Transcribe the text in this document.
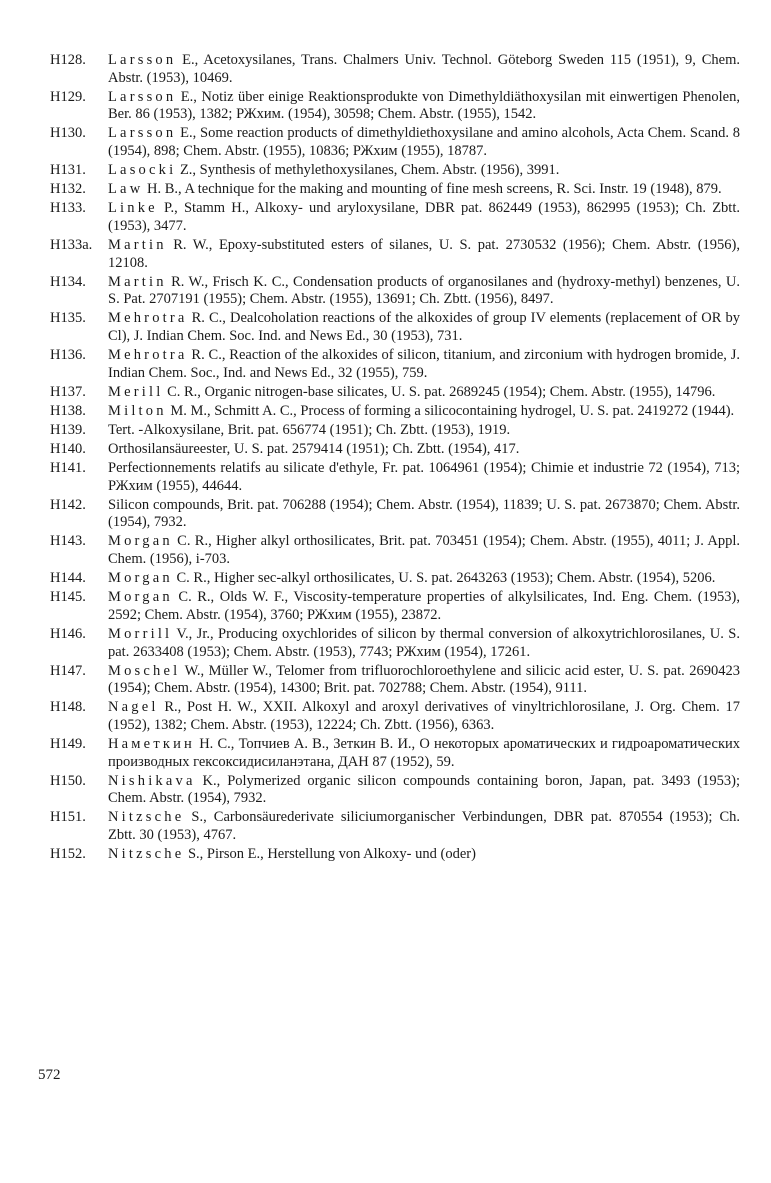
H128. Larsson E., Acetoxysilanes, Trans. Chalmers Univ. Technol. Göteborg Sweden 115 (1951), 9, Chem. Abstr. (1953), 10469.
H129. Larsson E., Notiz über einige Reaktionsprodukte von Dimethyldiäthoxysilan mit einwertigen Phenolen, Ber. 86 (1953), 1382; РЖхим. (1954), 30598; Chem. Abstr. (1955), 1542.
H130. Larsson E., Some reaction products of dimethyldiethoxysilane and amino alcohols, Acta Chem. Scand. 8 (1954), 898; Chem. Abstr. (1955), 10836; РЖхим (1955), 18787.
H131. Lasocki Z., Synthesis of methylethoxysilanes, Chem. Abstr. (1956), 3991.
H132. Law H. B., A technique for the making and mounting of fine mesh screens, R. Sci. Instr. 19 (1948), 879.
H133. Linke P., Stamm H., Alkoxy- und aryloxysilane, DBR pat. 862449 (1953), 862995 (1953); Ch. Zbtt. (1953), 3477.
H133a. Martin R. W., Epoxy-substituted esters of silanes, U. S. pat. 2730532 (1956); Chem. Abstr. (1956), 12108.
H134. Martin R. W., Frisch K. C., Condensation products of organosilanes and (hydroxy-methyl) benzenes, U. S. Pat. 2707191 (1955); Chem. Abstr. (1955), 13691; Ch. Zbtt. (1956), 8497.
H135. Mehrotra R. C., Dealcoholation reactions of the alkoxides of group IV elements (replacement of OR by Cl), J. Indian Chem. Soc. Ind. and News Ed., 30 (1953), 731.
H136. Mehrotra R. C., Reaction of the alkoxides of silicon, titanium, and zirconium with hydrogen bromide, J. Indian Chem. Soc., Ind. and News Ed., 32 (1955), 759.
H137. Merill C. R., Organic nitrogen-base silicates, U. S. pat. 2689245 (1954); Chem. Abstr. (1955), 14796.
H138. Milton M. M., Schmitt A. C., Process of forming a silicocontaining hydrogel, U. S. pat. 2419272 (1944).
H139. Tert. -Alkoxysilane, Brit. pat. 656774 (1951); Ch. Zbtt. (1953), 1919.
H140. Orthosilansäureester, U. S. pat. 2579414 (1951); Ch. Zbtt. (1954), 417.
H141. Perfectionnements relatifs au silicate d'ethyle, Fr. pat. 1064961 (1954); Chimie et industrie 72 (1954), 713; РЖхим (1955), 44644.
H142. Silicon compounds, Brit. pat. 706288 (1954); Chem. Abstr. (1954), 11839; U. S. pat. 2673870; Chem. Abstr. (1954), 7932.
H143. Morgan C. R., Higher alkyl orthosilicates, Brit. pat. 703451 (1954); Chem. Abstr. (1955), 4011; J. Appl. Chem. (1956), i-703.
H144. Morgan C. R., Higher sec-alkyl orthosilicates, U. S. pat. 2643263 (1953); Chem. Abstr. (1954), 5206.
H145. Morgan C. R., Olds W. F., Viscosity-temperature properties of alkylsilicates, Ind. Eng. Chem. (1953), 2592; Chem. Abstr. (1954), 3760; РЖхим (1955), 23872.
H146. Morrill V., Jr., Producing oxychlorides of silicon by thermal conversion of alkoxytrichlorosilanes, U. S. pat. 2633408 (1953); Chem. Abstr. (1953), 7743; РЖхим (1954), 17261.
H147. Moschel W., Müller W., Telomer from trifluorochloroethylene and silicic acid ester, U. S. pat. 2690423 (1954); Chem. Abstr. (1954), 14300; Brit. pat. 702788; Chem. Abstr. (1954), 9111.
H148. Nagel R., Post H. W., XXII. Alkoxyl and aroxyl derivatives of vinyltrichlorosilane, J. Org. Chem. 17 (1952), 1382; Chem. Abstr. (1953), 12224; Ch. Zbtt. (1956), 6363.
H149. Наметкин Н. С., Топчиев А. В., Зеткин В. И., О некоторых ароматических и гидроароматических производных гексоксидисиланэтана, ДАН 87 (1952), 59.
H150. Nishikava K., Polymerized organic silicon compounds containing boron, Japan, pat. 3493 (1953); Chem. Abstr. (1954), 7932.
H151. Nitzsche S., Carbonsäurederivate siliciumorganischer Verbindungen, DBR pat. 870554 (1953); Ch. Zbtt. 30 (1953), 4767.
H152. Nitzsche S., Pirson E., Herstellung von Alkoxy- und (oder)
572
